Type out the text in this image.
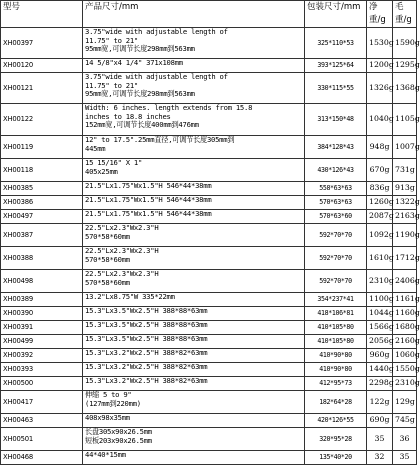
型号	产品尺寸/mm	包装尺寸/mm	净重/g	毛重/g
XH00397	3.75"wide with adjustable length of
11.75" to 21"
95mm宽,可调节长度298mm到563mm	325*110*53	1530g	1590g
XH00120	14 5/8"x4 1/4" 371x108mm	393*125*64	1200g	1295g
XH00121	3.75"wide with adjustable length of
11.75" to 21"
95mm宽,可调节长度298mm到563mm	330*115*55	1326g	1368g
XH00122	Width: 6 inches. length extends from 15.8
inches to 18.8 inches
152mm宽,可调节长度400mm到476mm	313*150*48	1040g	1105g
XH00119	12" to 17.5".25mm直径,可调节长度305mm到
445mm	384*128*43	948g	1007g
XH00118	15 15/16" X 1"
405x25mm	430*126*43	670g	731g
XH00385	21.5"Lx1.75"Wx1.5"H 546*44*38mm	558*63*63	836g	913g
XH00386	21.5"Lx1.75"Wx1.5"H 546*44*38mm	570*63*63	1260g	1322g
XH00497	21.5"Lx1.75"Wx1.5"H 546*44*38mm	570*63*60	2087g	2163g
XH00387	22.5"Lx2.3"Wx2.3"H
570*58*60mm	592*70*70	1092g	1190g
XH00388	22.5"Lx2.3"Wx2.3"H
570*58*60mm	592*70*70	1610g	1712g
XH00498	22.5"Lx2.3"Wx2.3"H
570*58*60mm	592*70*70	2310g	2406g
XH00389	13.2"Lx8.75"W 335*22mm	354*237*41	1100g	1161g
XH00390	15.3"Lx3.5"Wx2.5"H 388*88*63mm	418*106*81	1044g	1160g
XH00391	15.3"Lx3.5"Wx2.5"H 388*88*63mm	410*105*80	1566g	1680g
XH00499	15.3"Lx3.5"Wx2.5"H 388*88*63mm	410*105*80	2056g	2160g
XH00392	15.3"Lx3.2"Wx2.5"H 388*82*63mm	410*90*80	960g	1060g
XH00393	15.3"Lx3.2"Wx2.5"H 388*82*63mm	410*90*80	1440g	1550g
XH00500	15.3"Lx3.2"Wx2.5"H 388*82*63mm	412*95*73	2298g	2310g
XH00417	伸缩 5 to 9"
(127mm到220mm)	182*64*28	122g	129g
XH00463	408x98x35mm	420*126*55	690g	745g
XH00501	长盘305x90x26.5mm
短板203x90x26.5mm	320*95*28	35	36
XH00468	44*40*15mm	135*40*20	32	35
